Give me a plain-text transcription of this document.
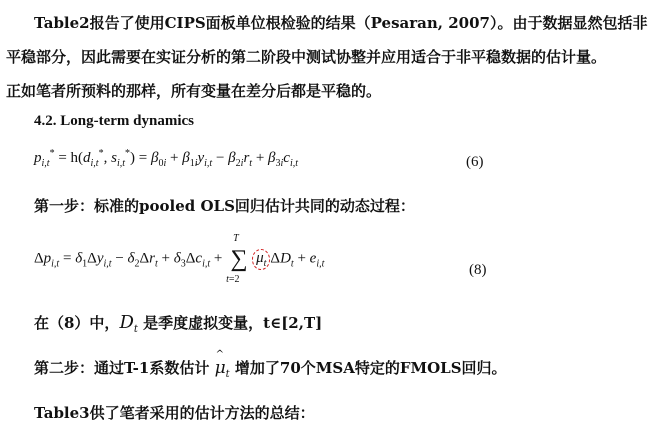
Table2报告了使用CIPS面板单位根检验的结果（Pesaran, 2007）。由于数据显然包括非
平稳部分，因此需要在实证分析的第二阶段中测试协整并应用适合于非平稳数据的估计量。
正如笔者所预料的那样，所有变量在差分后都是平稳的。
4.2. Long-term dynamics
$p_{i,t}^* = h(d_{i,t}^*$, $s_{i,t}^*) = \beta_{0i} + \beta_{1i}y_{i,t} - \beta_{2i}r_t + \beta_{3i}c_{i,t}$	(6)
第一步：标准的pooled OLS回归估计共同的动态过程：
$\Delta p_{i,t} = \delta_1\Delta y_{i,t} - \delta_2\Delta r_t + \delta_3\Delta c_{i,t}$ +
T
∑
t=2
$\mu_t$ $\Delta D_t + e_{i,t}$	(8)
在（8）中，$D_t$ 是季度虚拟变量，t∈[2,T]
第二步：通过T-1系数估计 ^ $\mu_t$ 增加了70个MSA特定的FMOLS回归。
Table3供了笔者采用的估计方法的总结：
